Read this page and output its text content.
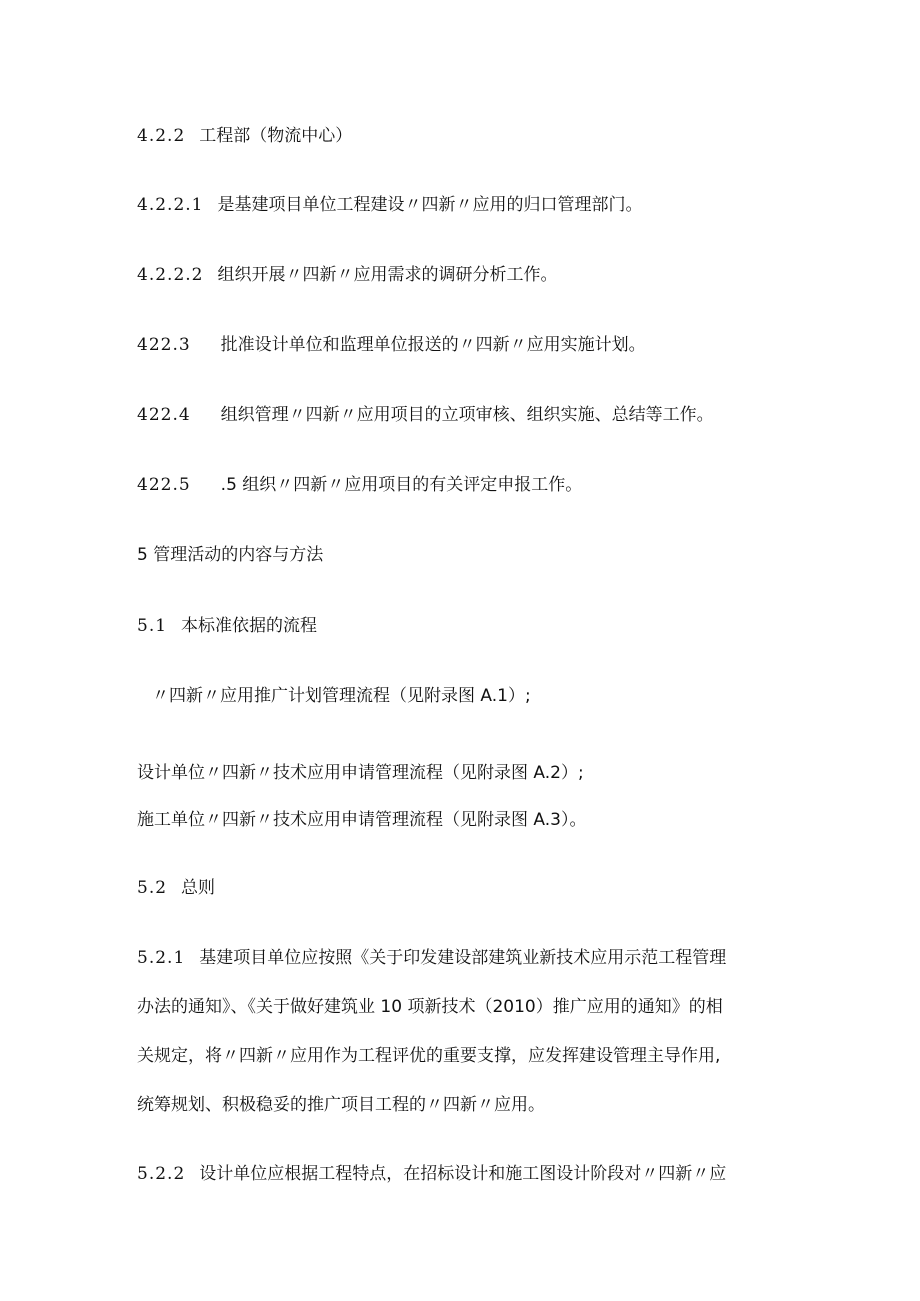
4.2.2 工程部（物流中心）
4.2.2.1 是基建项目单位工程建设〃四新〃应用的归口管理部门。
4.2.2.2 组织开展〃四新〃应用需求的调研分析工作。
422.3 批准设计单位和监理单位报送的〃四新〃应用实施计划。
422.4 组织管理〃四新〃应用项目的立项审核、组织实施、总结等工作。
422.5 .5 组织〃四新〃应用项目的有关评定申报工作。
5 管理活动的内容与方法
5.1 本标准依据的流程
〃四新〃应用推广计划管理流程（见附录图 A.1）;
设计单位〃四新〃技术应用申请管理流程（见附录图 A.2）;
施工单位〃四新〃技术应用申请管理流程（见附录图 A.3）。
5.2 总则
5.2.1 基建项目单位应按照《关于印发建设部建筑业新技术应用示范工程管理
办法的通知》、《关于做好建筑业 10 项新技术（2010）推广应用的通知》的相
关规定，将〃四新〃应用作为工程评优的重要支撑，应发挥建设管理主导作用,
统筹规划、积极稳妥的推广项目工程的〃四新〃应用。
5.2.2 设计单位应根据工程特点，在招标设计和施工图设计阶段对〃四新〃应
